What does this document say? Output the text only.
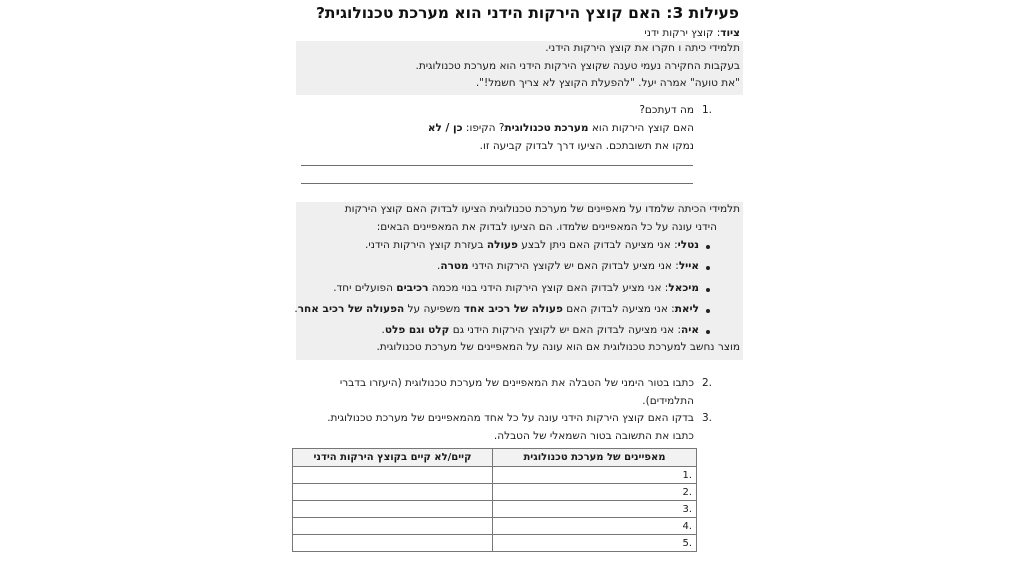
פעילות 3: האם קוצץ הירקות הידני הוא מערכת טכנולוגית?
ציוד: קוצץ ירקות ידני
תלמידי כיתה ו חקרו את קוצץ הירקות הידני.
בעקבות החקירה נעמי טענה שקוצץ הירקות הידני הוא מערכת טכנולוגית.
"את טועה" אמרה יעל. "להפעלת הקוצץ לא צריך חשמל!".
1.
מה דעתכם?
האם קוצץ הירקות הוא מערכת טכנולוגית? הקיפו: כן / לא
נמקו את תשובתכם. הציעו דרך לבדוק קביעה זו.
תלמידי הכיתה שלמדו על מאפיינים של מערכת טכנולוגית הציעו לבדוק האם קוצץ הירקות
הידני עונה על כל המאפיינים שלמדו. הם הציעו לבדוק את המאפיינים הבאים:
נטלי: אני מציעה לבדוק האם ניתן לבצע פעולה בעזרת קוצץ הירקות הידני.
אייל: אני מציע לבדוק האם יש לקוצץ הירקות הידני מטרה.
מיכאל: אני מציע לבדוק האם קוצץ הירקות הידני בנוי מכמה רכיבים הפועלים יחד.
ליאת: אני מציעה לבדוק האם פעולה של רכיב אחד משפיעה על הפעולה של רכיב אחר.
איה: אני מציעה לבדוק האם יש לקוצץ הירקות הידני גם קלט וגם פלט.
מוצר נחשב למערכת טכנולוגית אם הוא עונה על המאפיינים של מערכת טכנולוגית.
2.
כתבו בטור הימני של הטבלה את המאפיינים של מערכת טכנולוגית (היעזרו בדברי
התלמידים).
3.
בדקו האם קוצץ הירקות הידני עונה על כל אחד מהמאפיינים של מערכת טכנולוגית.
כתבו את התשובה בטור השמאלי של הטבלה.
מאפיינים של מערכת טכנולוגית	קיים/לא קיים בקוצץ הירקות הידני
.1	
.2	
.3	
.4	
.5	
